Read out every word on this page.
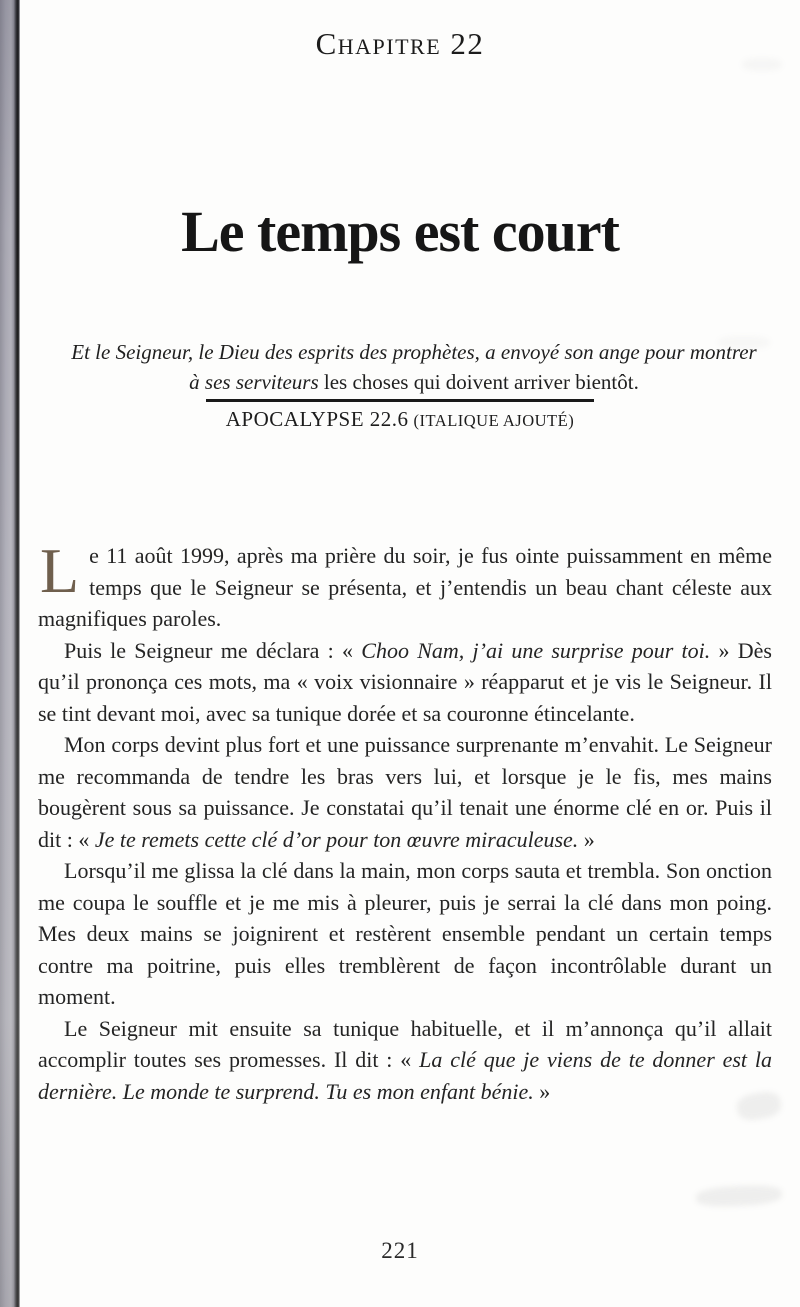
Chapitre 22
Le temps est court
Et le Seigneur, le Dieu des esprits des prophètes, a envoyé son ange pour montrer à ses serviteurs les choses qui doivent arriver bientôt.
APOCALYPSE 22.6 (ITALIQUE AJOUTÉ)

Le 11 août 1999, après ma prière du soir, je fus ointe puissamment en même temps que le Seigneur se présenta, et j’entendis un beau chant céleste aux magnifiques paroles.

Puis le Seigneur me déclara : « Choo Nam, j’ai une surprise pour toi. » Dès qu’il prononça ces mots, ma « voix visionnaire » réapparut et je vis le Seigneur. Il se tint devant moi, avec sa tunique dorée et sa couronne étincelante.

Mon corps devint plus fort et une puissance surprenante m’envahit. Le Seigneur me recommanda de tendre les bras vers lui, et lorsque je le fis, mes mains bougèrent sous sa puissance. Je constatai qu’il tenait une énorme clé en or. Puis il dit : « Je te remets cette clé d’or pour ton œuvre miraculeuse. »

Lorsqu’il me glissa la clé dans la main, mon corps sauta et trembla. Son onction me coupa le souffle et je me mis à pleurer, puis je serrai la clé dans mon poing. Mes deux mains se joignirent et restèrent ensemble pendant un certain temps contre ma poitrine, puis elles tremblèrent de façon incontrôlable durant un moment.

Le Seigneur mit ensuite sa tunique habituelle, et il m’annonça qu’il allait accomplir toutes ses promesses. Il dit : « La clé que je viens de te donner est la dernière. Le monde te surprend. Tu es mon enfant bénie. »

221
